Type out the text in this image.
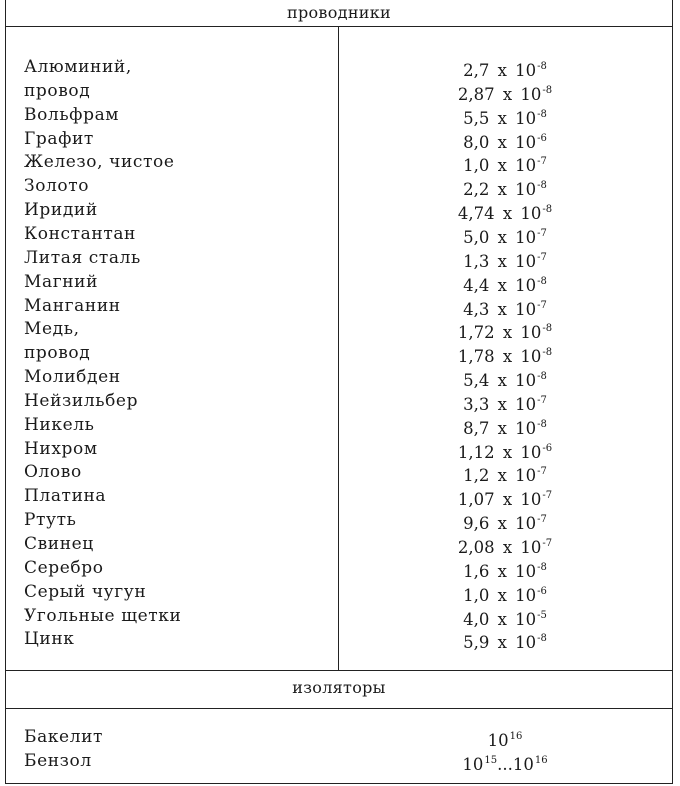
проводники
Алюминий,	2,7 x $10^{-8}$
провод	2,87 x $10^{-8}$
Вольфрам	5,5 x $10^{-8}$
Графит	8,0 x $10^{-6}$
Железо, чистое	1,0 x $10^{-7}$
Золото	2,2 x $10^{-8}$
Иридий	4,74 x $10^{-8}$
Константан	5,0 x $10^{-7}$
Литая сталь	1,3 x $10^{-7}$
Магний	4,4 x $10^{-8}$
Манганин	4,3 x $10^{-7}$
Медь,	1,72 x $10^{-8}$
провод	1,78 x $10^{-8}$
Молибден	5,4 x $10^{-8}$
Нейзильбер	3,3 x $10^{-7}$
Никель	8,7 x $10^{-8}$
Нихром	1,12 x $10^{-6}$
Олово	1,2 x $10^{-7}$
Платина	1,07 x $10^{-7}$
Ртуть	9,6 x $10^{-7}$
Свинец	2,08 x $10^{-7}$
Серебро	1,6 x $10^{-8}$
Серый чугун	1,0 x $10^{-6}$
Угольные щетки	4,0 x $10^{-5}$
Цинк	5,9 x $10^{-8}$
изоляторы
Бакелит	$10^{16}$
Бензол	$10^{15}...10^{16}$
